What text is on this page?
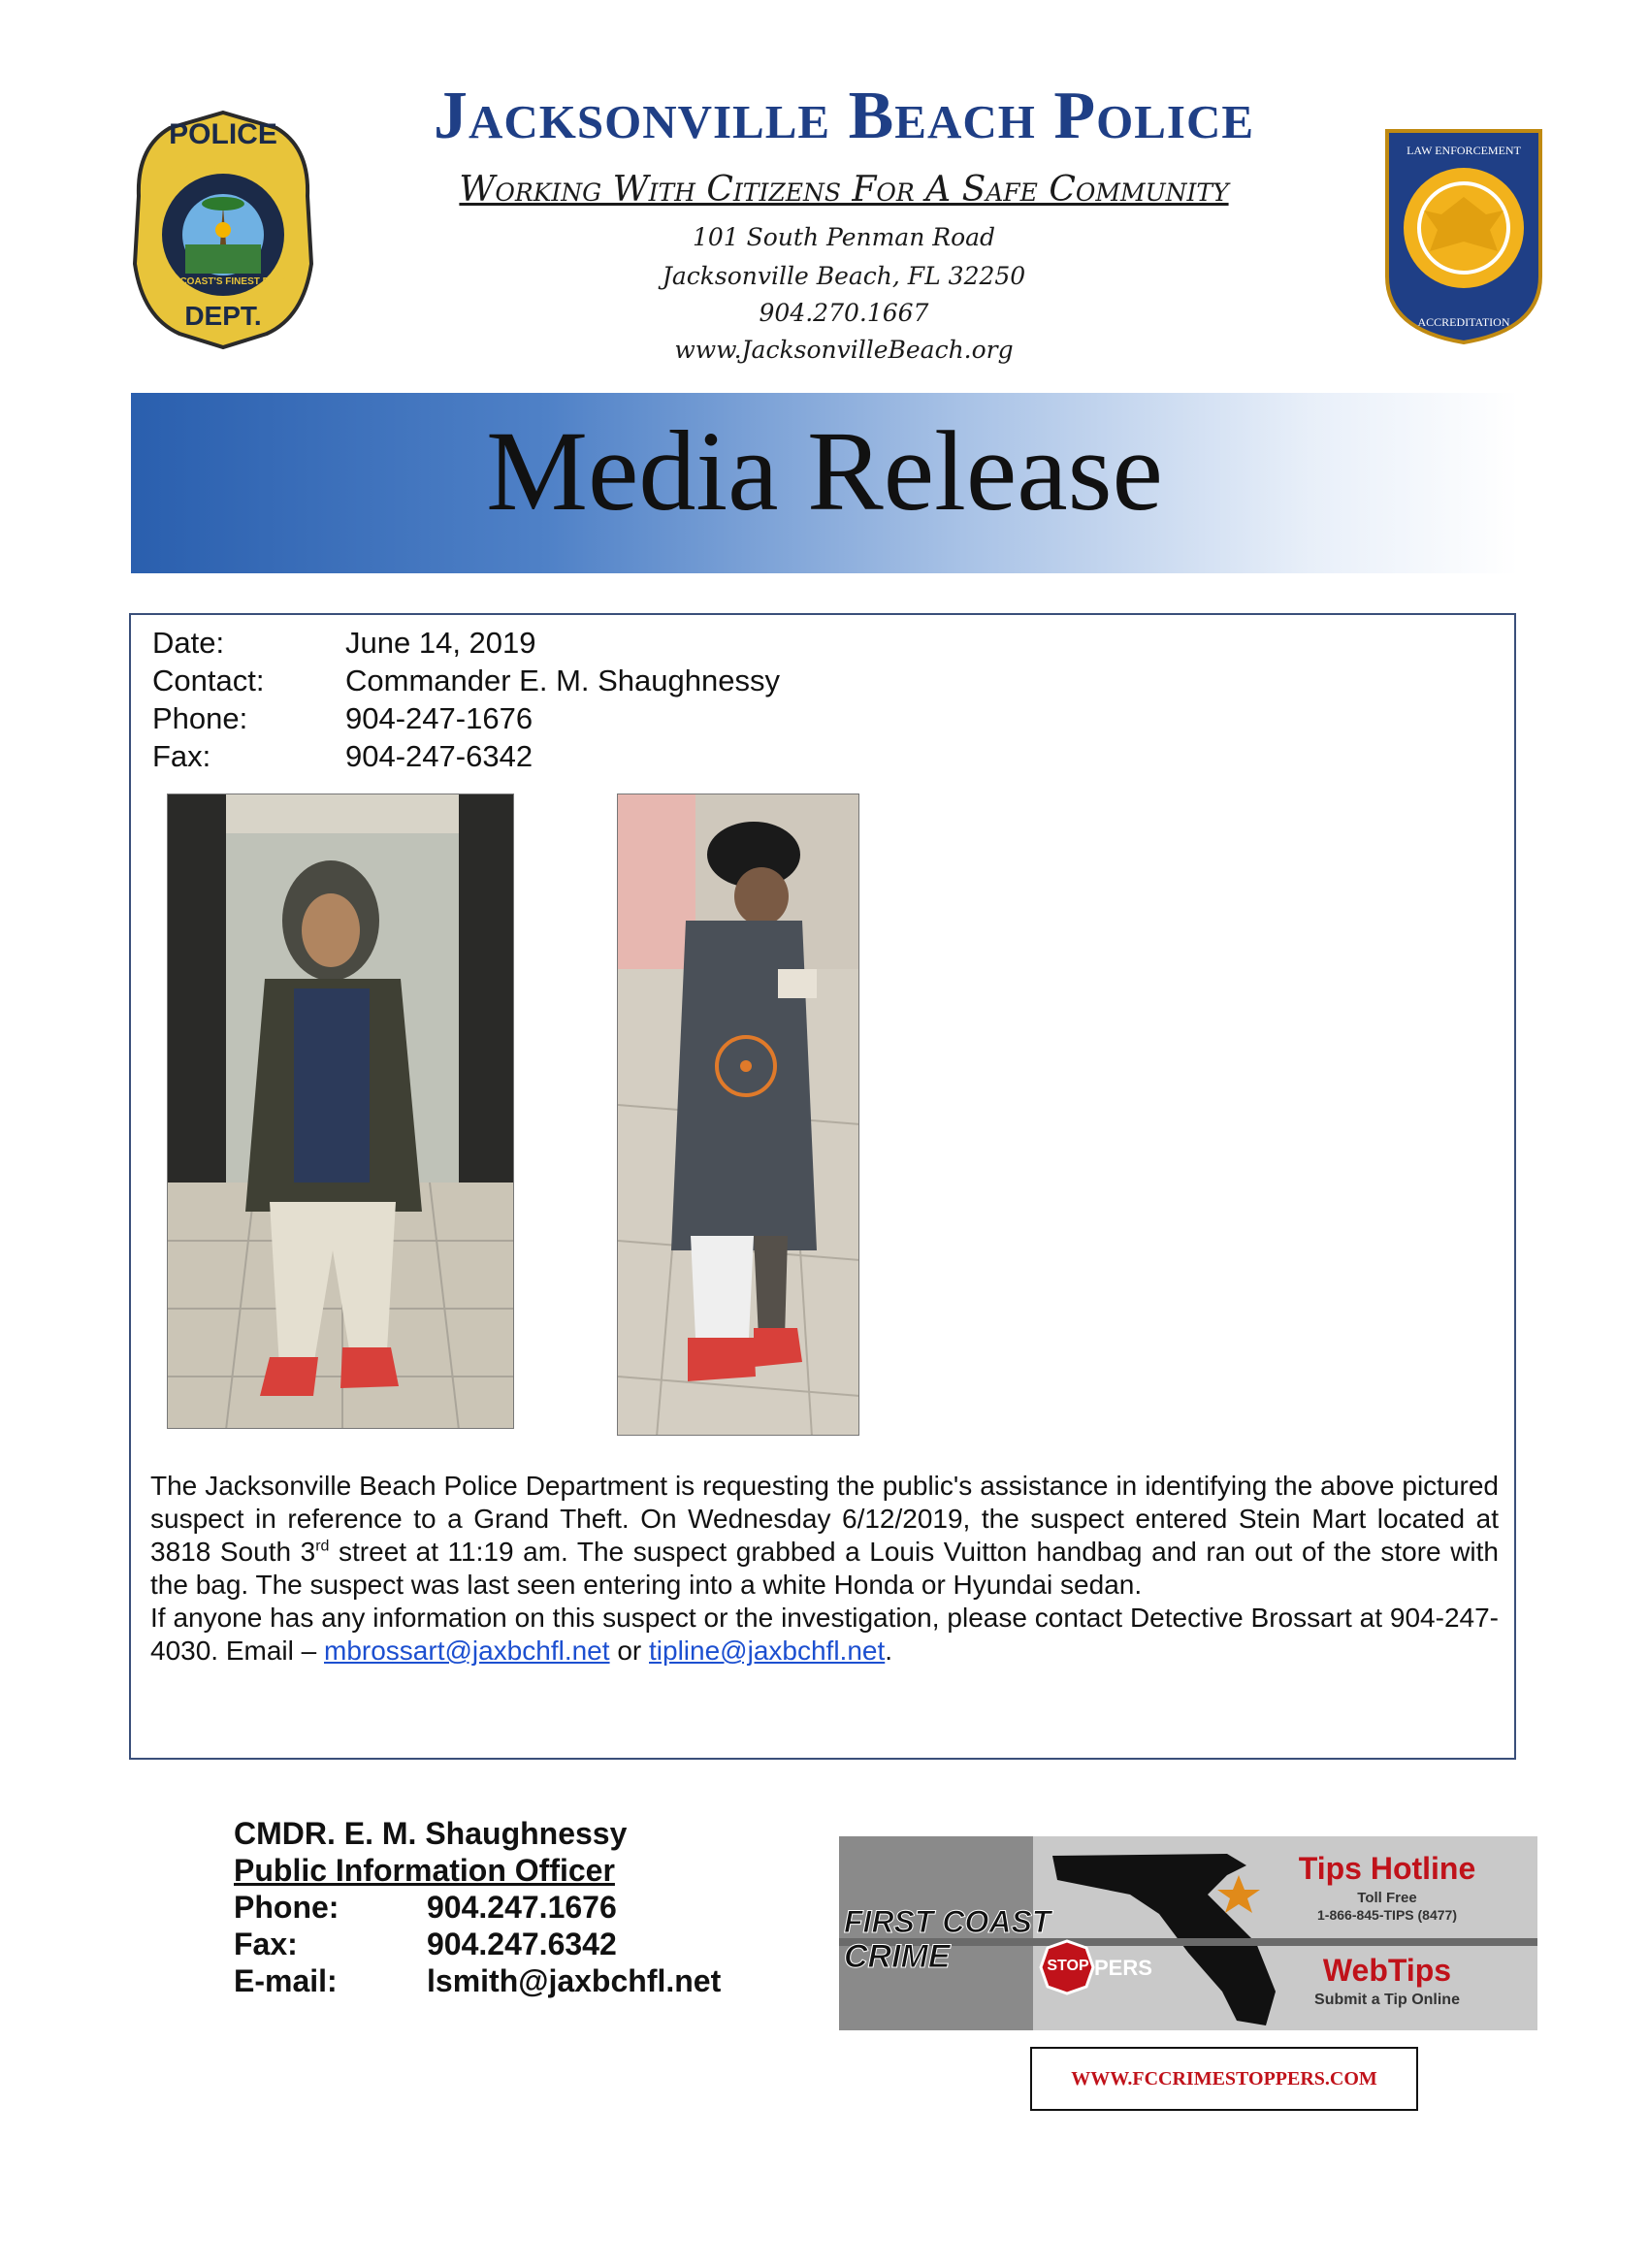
POLICE
JACKSONVILLE BEACH
FIRST COAST'S FINEST BEACH
DEPT.
Jacksonville Beach Police
Working With Citizens For A Safe Community
101 South Penman Road
Jacksonville Beach, FL 32250
904.270.1667
www.JacksonvilleBeach.org
LAW ENFORCEMENT
ACCREDITATION
Media Release
Date:	June 14, 2019
Contact:	Commander E. M. Shaughnessy
Phone:	904-247-1676
Fax:	904-247-6342
The Jacksonville Beach Police Department is requesting the public's assistance in identifying the above pictured suspect in reference to a Grand Theft. On Wednesday 6/12/2019, the suspect entered Stein Mart located at 3818 South 3rd street at 11:19 am. The suspect grabbed a Louis Vuitton handbag and ran out of the store with the bag. The suspect was last seen entering into a white Honda or Hyundai sedan.
If anyone has any information on this suspect or the investigation, please contact Detective Brossart at 904-247-4030. Email – mbrossart@jaxbchfl.net or tipline@jaxbchfl.net.
CMDR. E. M. Shaughnessy
Public Information Officer
Phone:	904.247.1676
Fax:	904.247.6342
E-mail:	lsmith@jaxbchfl.net
FIRST COAST
CRIME	STOP PERS
Tips Hotline
Toll Free
1-866-845-TIPS (8477)
WebTips
Submit a Tip Online
WWW.FCCRIMESTOPPERS.COM
